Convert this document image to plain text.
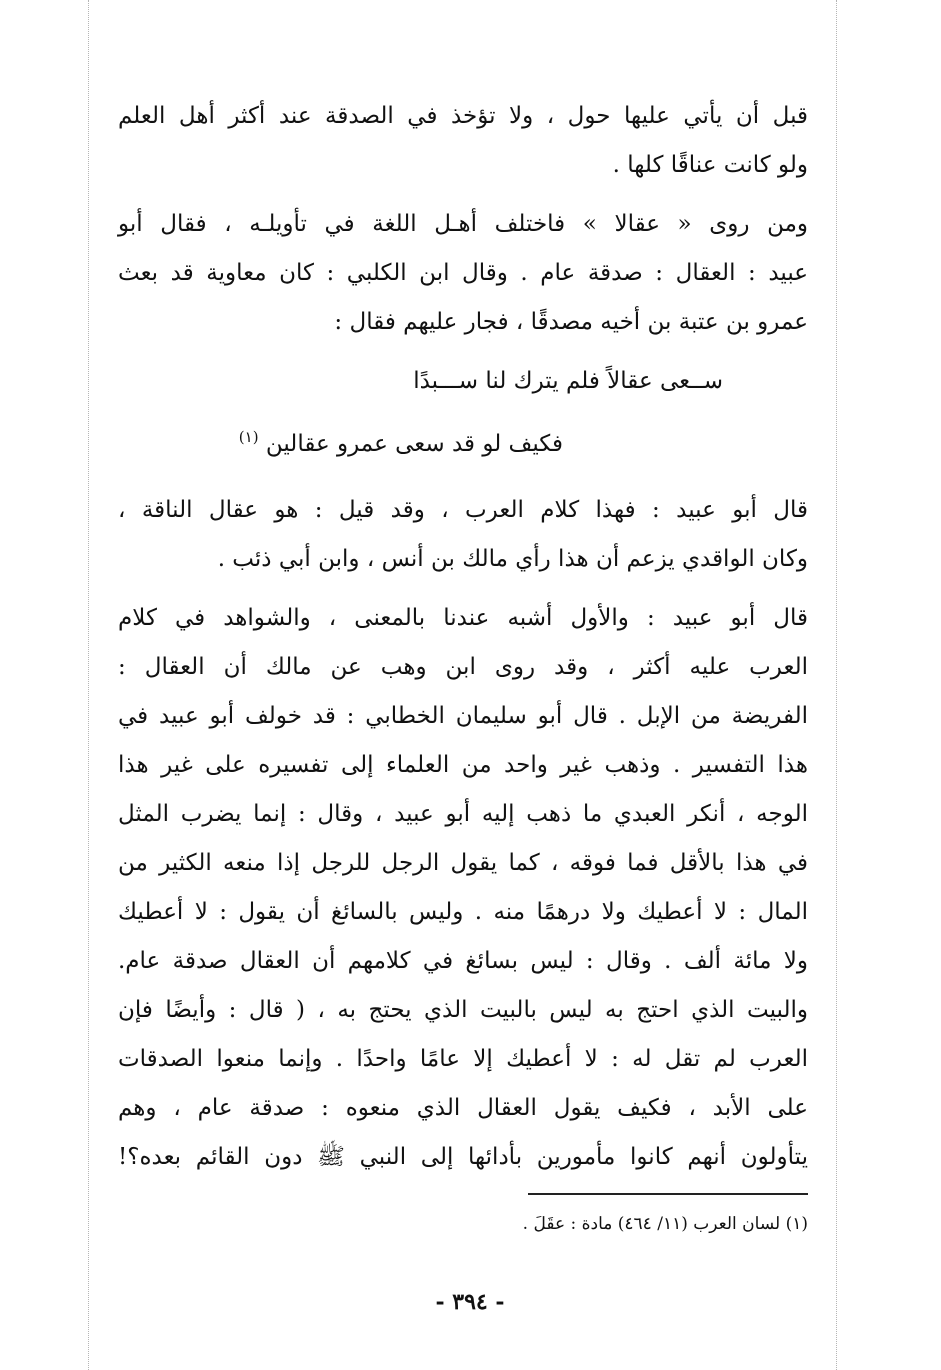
قبل أن يأتي عليها حول ، ولا تؤخذ في الصدقة عند أكثر أهل العلم
ولو كانت عناقًا كلها .
ومن روى « عقالا » فاختلف أهـل اللغة في تأويلـه ، فقال أبو
عبيد : العقال : صدقة عام . وقال ابن الكلبي : كان معاوية قد بعث
عمرو بن عتبة بن أخيه مصدقًا ، فجار عليهم فقال :
ســعى عقالاً فلم يترك لنا ســـبدًا
فكيف لو قد سعى عمرو عقالين $^{(١)}$
قال أبو عبيد : فهذا كلام العرب ، وقد قيل : هو عقال الناقة ،
وكان الواقدي يزعم أن هذا رأي مالك بن أنس ، وابن أبي ذئب .
قال أبو عبيد : والأول أشبه عندنا بالمعنى ، والشواهد في كلام
العرب عليه أكثر ، وقد روى ابن وهب عن مالك أن العقال :
الفريضة من الإبل . قال أبو سليمان الخطابي : قد خولف أبو عبيد في
هذا التفسير . وذهب غير واحد من العلماء إلى تفسيره على غير هذا
الوجه ، أنكر العبدي ما ذهب إليه أبو عبيد ، وقال : إنما يضرب المثل
في هذا بالأقل فما فوقه ، كما يقول الرجل للرجل إذا منعه الكثير من
المال : لا أعطيك ولا درهمًا منه . وليس بالسائغ أن يقول : لا أعطيك
ولا مائة ألف . وقال : ليس بسائغ في كلامهم أن العقال صدقة عام.
والبيت الذي احتج به ليس بالبيت الذي يحتج به ، ( قال : وأيضًا فإن
العرب لم تقل له : لا أعطيك إلا عامًا واحدًا . وإنما منعوا الصدقات
على الأبد ، فكيف يقول العقال الذي منعوه : صدقة عام ، وهم
يتأولون أنهم كانوا مأمورين بأدائها إلى النبي ﷺ دون القائم بعده؟!
(١) لسان العرب (١١/ ٤٦٤) مادة : عقَلَ .
- ٣٩٤ -
